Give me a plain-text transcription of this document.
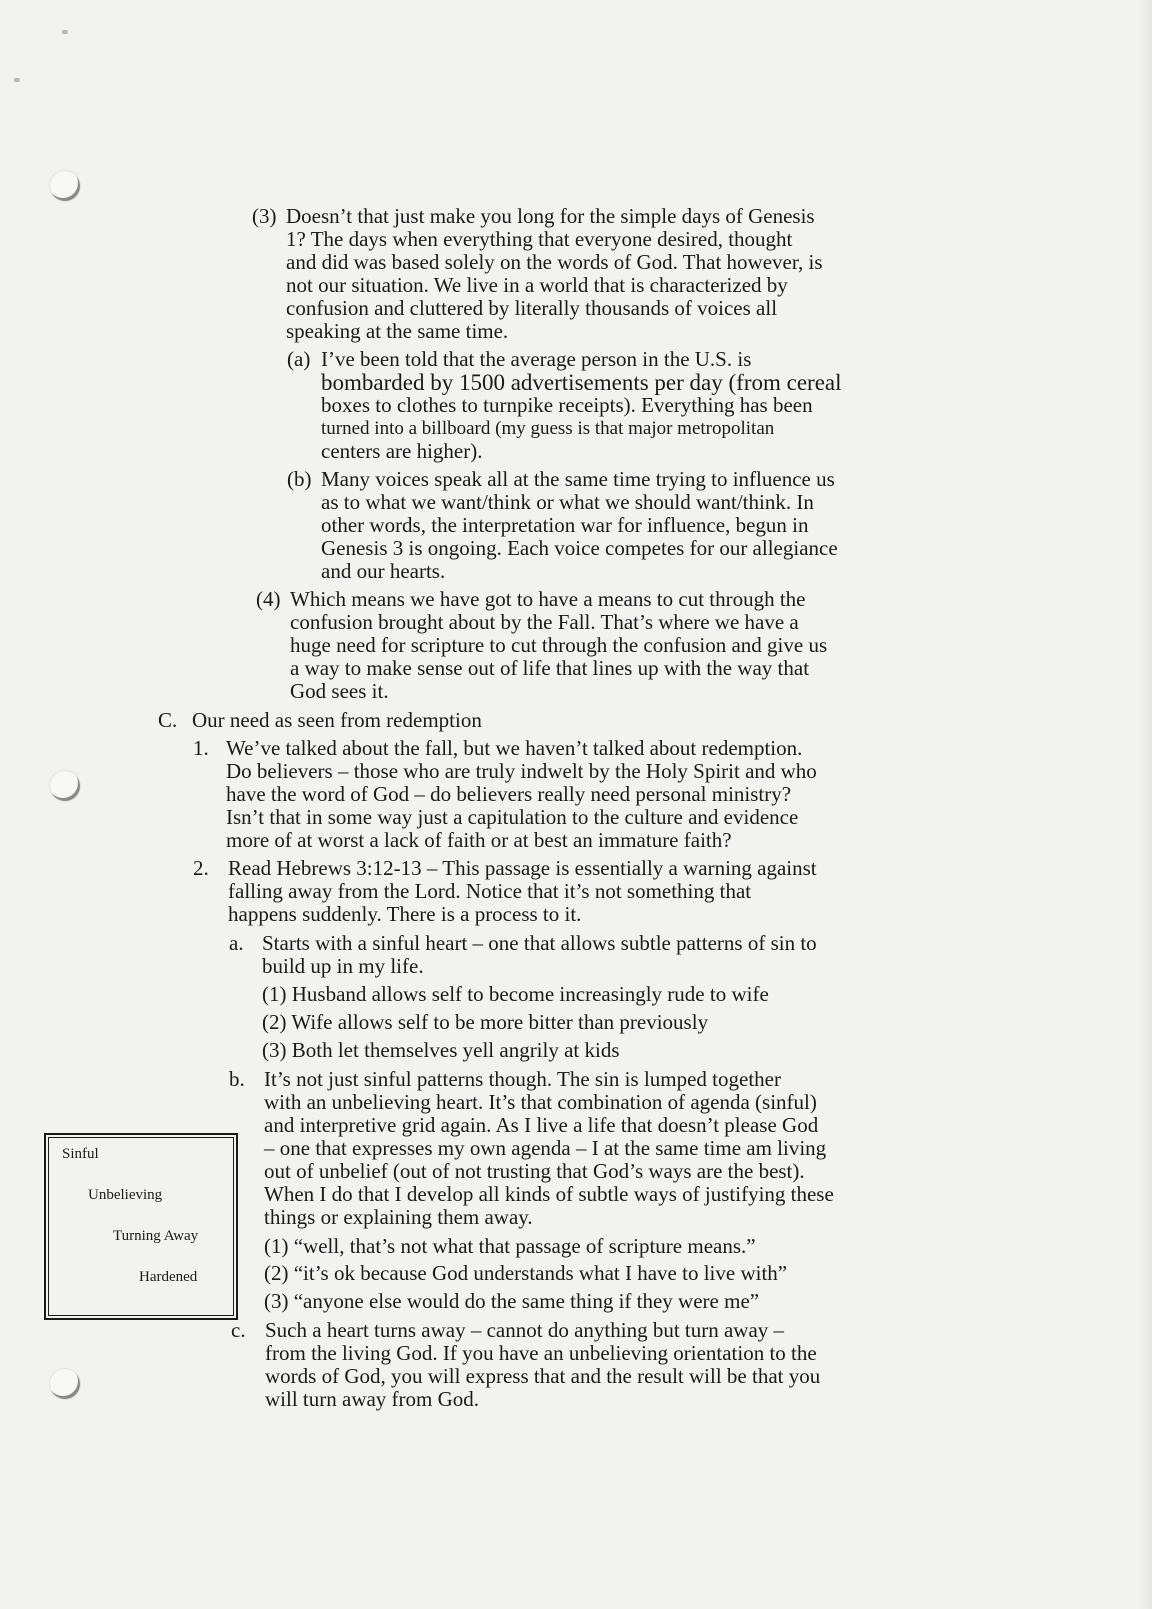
(3) Doesn’t that just make you long for the simple days of Genesis
1? The days when everything that everyone desired, thought
and did was based solely on the words of God. That however, is
not our situation. We live in a world that is characterized by
confusion and cluttered by literally thousands of voices all
speaking at the same time.
(a) I’ve been told that the average person in the U.S. is
bombarded by 1500 advertisements per day (from cereal
boxes to clothes to turnpike receipts). Everything has been
turned into a billboard (my guess is that major metropolitan
centers are higher).
(b) Many voices speak all at the same time trying to influence us
as to what we want/think or what we should want/think. In
other words, the interpretation war for influence, begun in
Genesis 3 is ongoing. Each voice competes for our allegiance
and our hearts.
(4) Which means we have got to have a means to cut through the
confusion brought about by the Fall. That’s where we have a
huge need for scripture to cut through the confusion and give us
a way to make sense out of life that lines up with the way that
God sees it.
C. Our need as seen from redemption
1. We’ve talked about the fall, but we haven’t talked about redemption.
Do believers – those who are truly indwelt by the Holy Spirit and who
have the word of God – do believers really need personal ministry?
Isn’t that in some way just a capitulation to the culture and evidence
more of at worst a lack of faith or at best an immature faith?
2. Read Hebrews 3:12-13 – This passage is essentially a warning against
falling away from the Lord. Notice that it’s not something that
happens suddenly. There is a process to it.
a. Starts with a sinful heart – one that allows subtle patterns of sin to
build up in my life.
(1) Husband allows self to become increasingly rude to wife
(2) Wife allows self to be more bitter than previously
(3) Both let themselves yell angrily at kids
b. It’s not just sinful patterns though. The sin is lumped together
with an unbelieving heart. It’s that combination of agenda (sinful)
and interpretive grid again. As I live a life that doesn’t please God
– one that expresses my own agenda – I at the same time am living
out of unbelief (out of not trusting that God’s ways are the best).
When I do that I develop all kinds of subtle ways of justifying these
things or explaining them away.
(1) “well, that’s not what that passage of scripture means.”
(2) “it’s ok because God understands what I have to live with”
(3) “anyone else would do the same thing if they were me”
c. Such a heart turns away – cannot do anything but turn away –
from the living God. If you have an unbelieving orientation to the
words of God, you will express that and the result will be that you
will turn away from God.
Sinful
Unbelieving
Turning Away
Hardened
